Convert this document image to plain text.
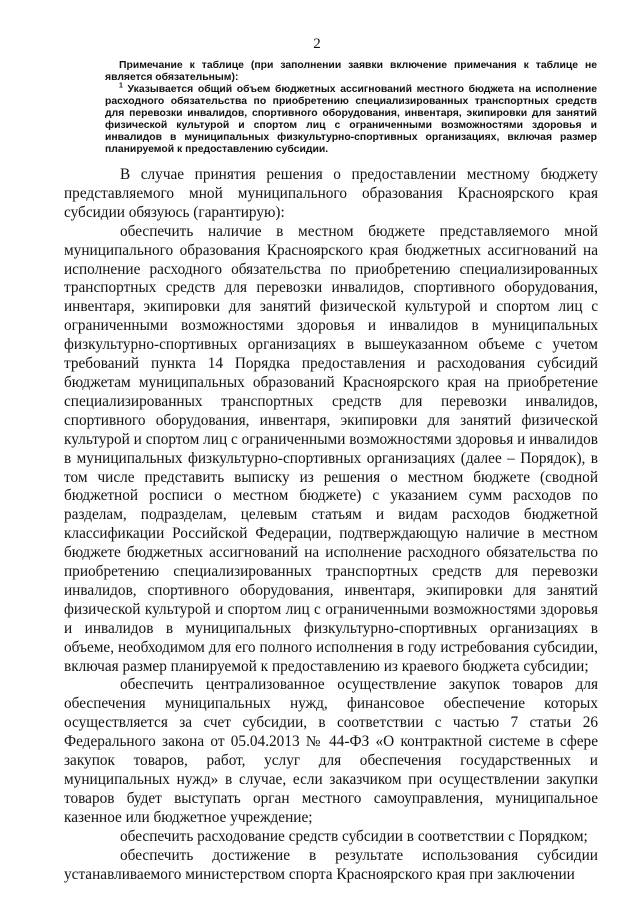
2

Примечание к таблице (при заполнении заявки включение примечания к таблице не является обязательным):

$^1$ Указывается общий объем бюджетных ассигнований местного бюджета на исполнение расходного обязательства по приобретению специализированных транспортных средств для перевозки инвалидов, спортивного оборудования, инвентаря, экипировки для занятий физической культурой и спортом лиц с ограниченными возможностями здоровья и инвалидов в муниципальных физкультурно-спортивных организациях, включая размер планируемой к предоставлению субсидии.

В случае принятия решения о предоставлении местному бюджету представляемого мной муниципального образования Красноярского края субсидии обязуюсь (гарантирую):

обеспечить наличие в местном бюджете представляемого мной муниципального образования Красноярского края бюджетных ассигнований на исполнение расходного обязательства по приобретению специализированных транспортных средств для перевозки инвалидов, спортивного оборудования, инвентаря, экипировки для занятий физической культурой и спортом лиц с ограниченными возможностями здоровья и инвалидов в муниципальных физкультурно-спортивных организациях в вышеуказанном объеме с учетом требований пункта 14 Порядка предоставления и расходования субсидий бюджетам муниципальных образований Красноярского края на приобретение специализированных транспортных средств для перевозки инвалидов, спортивного оборудования, инвентаря, экипировки для занятий физической культурой и спортом лиц с ограниченными возможностями здоровья и инвалидов в муниципальных физкультурно-спортивных организациях (далее – Порядок), в том числе представить выписку из решения о местном бюджете (сводной бюджетной росписи о местном бюджете) с указанием сумм расходов по разделам, подразделам, целевым статьям и видам расходов бюджетной классификации Российской Федерации, подтверждающую наличие в местном бюджете бюджетных ассигнований на исполнение расходного обязательства по приобретению специализированных транспортных средств для перевозки инвалидов, спортивного оборудования, инвентаря, экипировки для занятий физической культурой и спортом лиц с ограниченными возможностями здоровья и инвалидов в муниципальных физкультурно-спортивных организациях в объеме, необходимом для его полного исполнения в году истребования субсидии, включая размер планируемой к предоставлению из краевого бюджета субсидии;

обеспечить централизованное осуществление закупок товаров для обеспечения муниципальных нужд, финансовое обеспечение которых осуществляется за счет субсидии, в соответствии с частью 7 статьи 26 Федерального закона от 05.04.2013 № 44-ФЗ «О контрактной системе в сфере закупок товаров, работ, услуг для обеспечения государственных и муниципальных нужд» в случае, если заказчиком при осуществлении закупки товаров будет выступать орган местного самоуправления, муниципальное казенное или бюджетное учреждение;

обеспечить расходование средств субсидии в соответствии с Порядком;

обеспечить достижение в результате использования субсидии устанавливаемого министерством спорта Красноярского края при заключении
